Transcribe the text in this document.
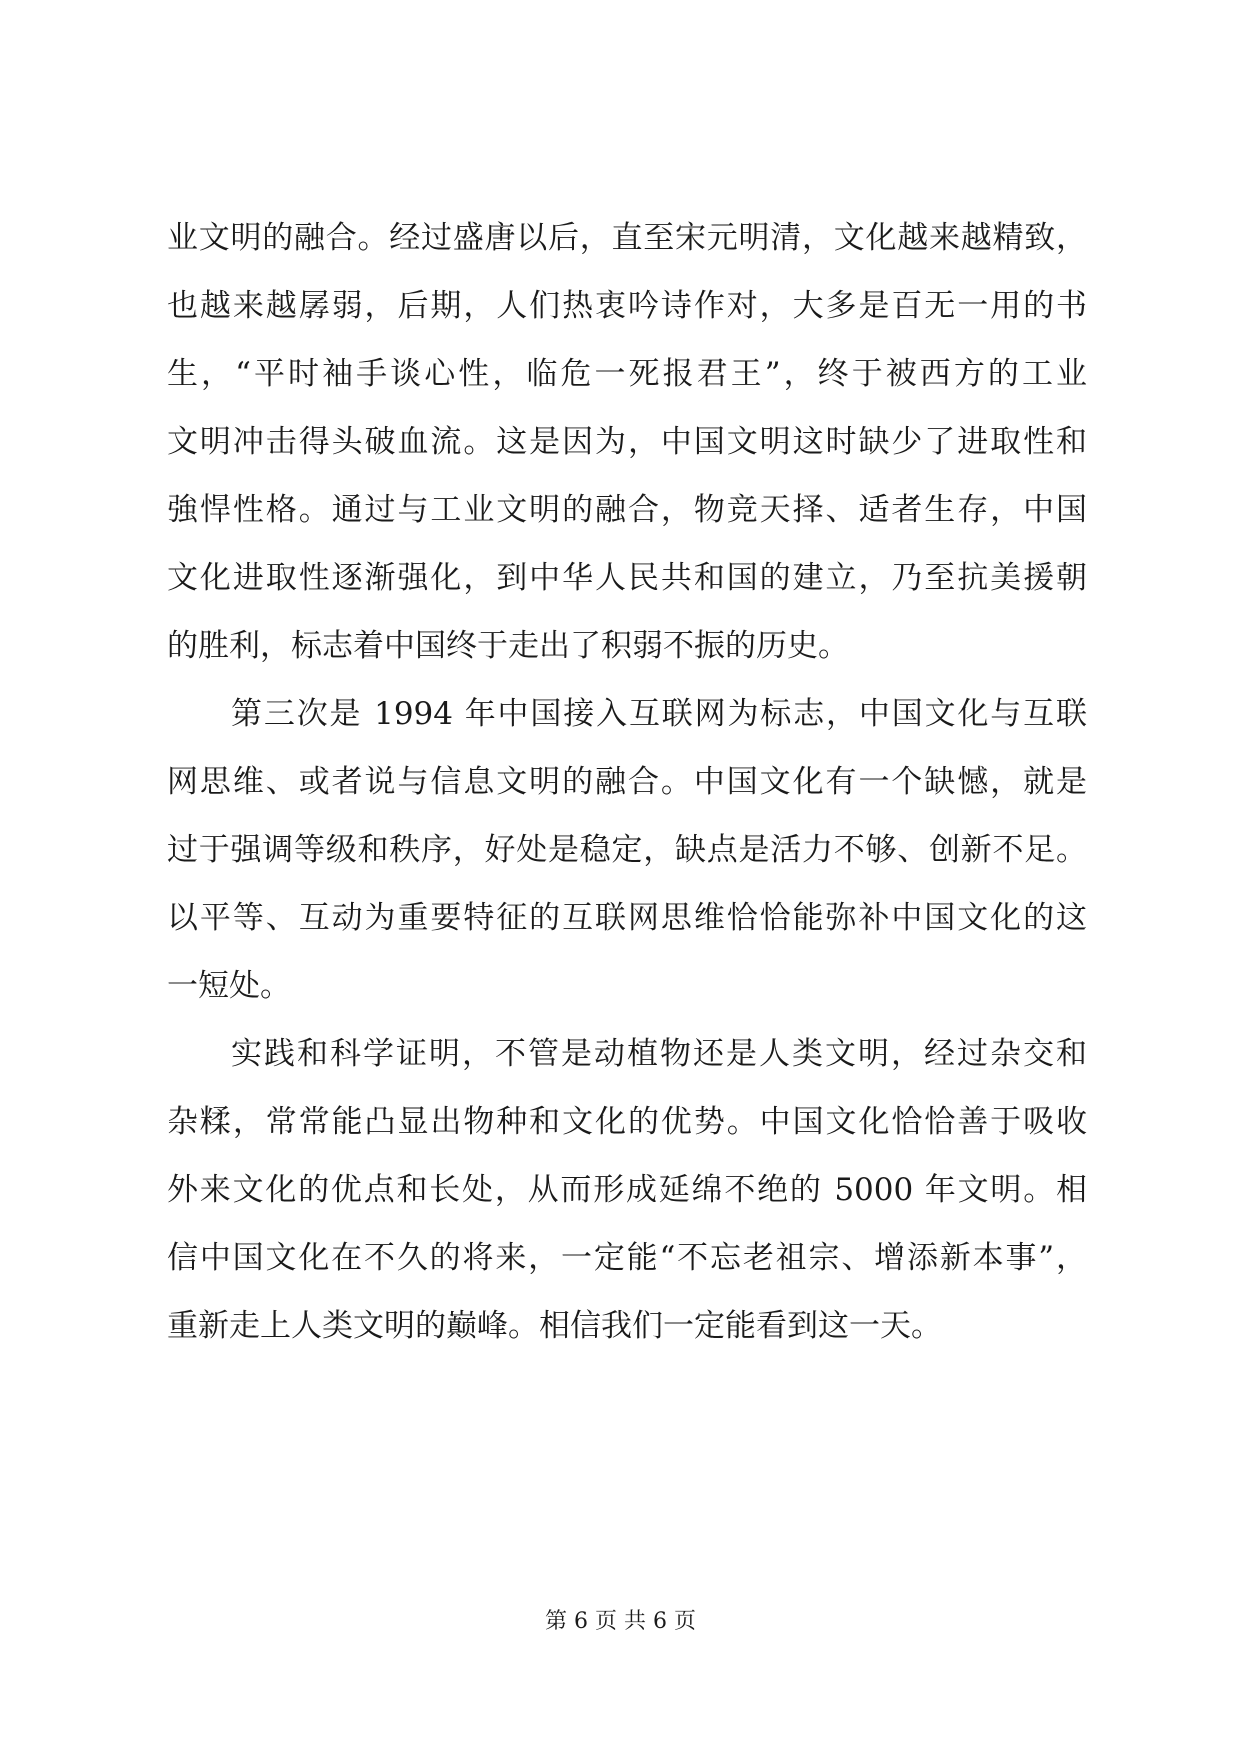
业文明的融合。经过盛唐以后，直至宋元明清，文化越来越精致，
也越来越孱弱，后期，人们热衷吟诗作对，大多是百无一用的书
生，“平时袖手谈心性，临危一死报君王”，终于被西方的工业
文明冲击得头破血流。这是因为，中国文明这时缺少了进取性和
強悍性格。通过与工业文明的融合，物竞天择、适者生存，中国
文化进取性逐渐强化，到中华人民共和国的建立，乃至抗美援朝
的胜利，标志着中国终于走出了积弱不振的历史。
第三次是 1994 年中国接入互联网为标志，中国文化与互联
网思维、或者说与信息文明的融合。中国文化有一个缺憾，就是
过于强调等级和秩序，好处是稳定，缺点是活力不够、创新不足。
以平等、互动为重要特征的互联网思维恰恰能弥补中国文化的这
一短处。
实践和科学证明，不管是动植物还是人类文明，经过杂交和
杂糅，常常能凸显出物种和文化的优势。中国文化恰恰善于吸收
外来文化的优点和长处，从而形成延绵不绝的 5000 年文明。相
信中国文化在不久的将来，一定能“不忘老祖宗、增添新本事”，
重新走上人类文明的巅峰。相信我们一定能看到这一天。
第 6 页 共 6 页
